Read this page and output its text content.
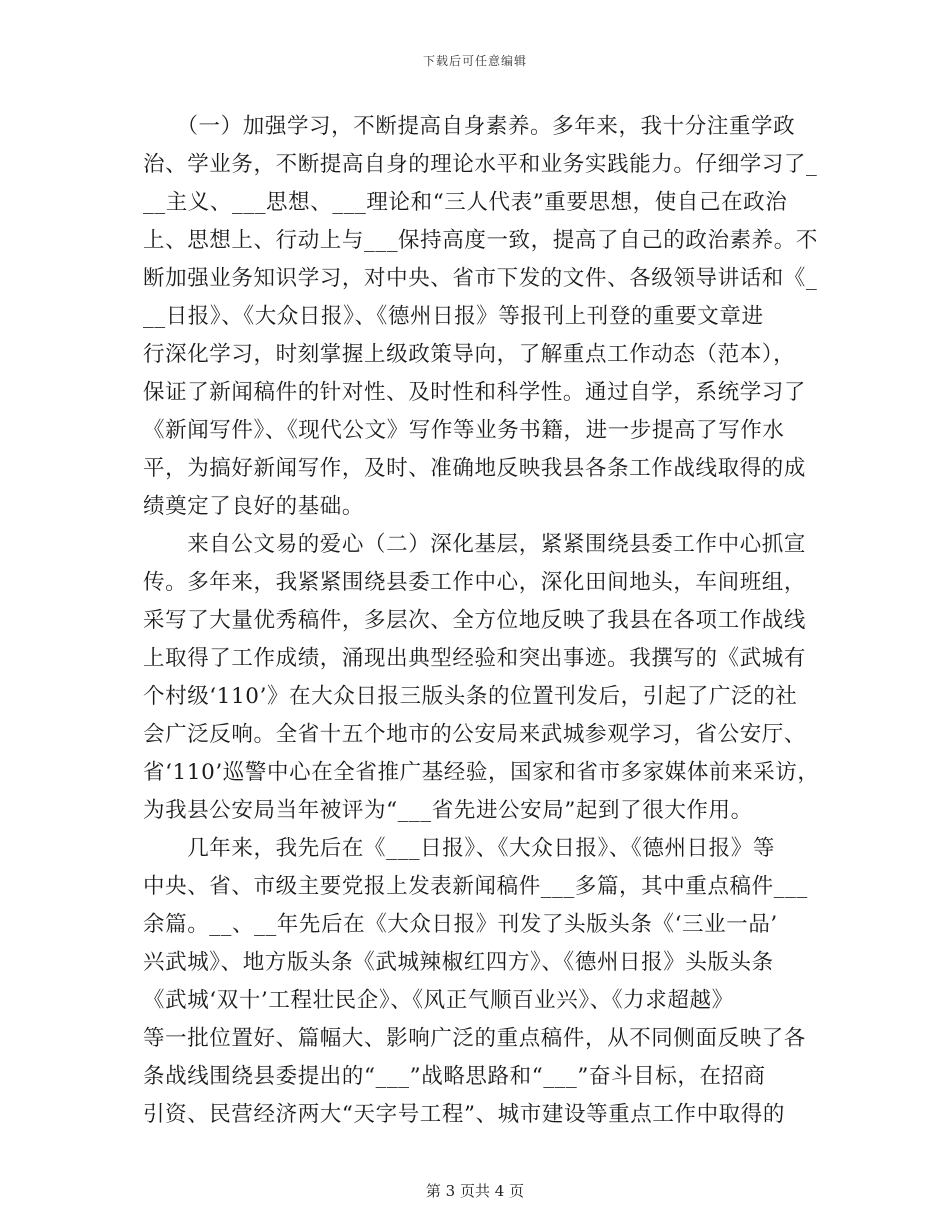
下载后可任意编辑
　　（一）加强学习，不断提高自身素养。多年来，我十分注重学政
治、学业务，不断提高自身的理论水平和业务实践能力。仔细学习了_
__主义、___思想、___理论和“三人代表”重要思想，使自己在政治
上、思想上、行动上与___保持高度一致，提高了自己的政治素养。不
断加强业务知识学习，对中央、省市下发的文件、各级领导讲话和《_
__日报》、《大众日报》、《德州日报》等报刊上刊登的重要文章进
行深化学习，时刻掌握上级政策导向，了解重点工作动态（范本），
保证了新闻稿件的针对性、及时性和科学性。通过自学，系统学习了
《新闻写件》、《现代公文》写作等业务书籍，进一步提高了写作水
平，为搞好新闻写作，及时、准确地反映我县各条工作战线取得的成
绩奠定了良好的基础。
　　来自公文易的爱心（二）深化基层，紧紧围绕县委工作中心抓宣
传。多年来，我紧紧围绕县委工作中心，深化田间地头，车间班组，
采写了大量优秀稿件，多层次、全方位地反映了我县在各项工作战线
上取得了工作成绩，涌现出典型经验和突出事迹。我撰写的《武城有
个村级‘110’》在大众日报三版头条的位置刊发后，引起了广泛的社
会广泛反响。全省十五个地市的公安局来武城参观学习，省公安厅、
省‘110’巡警中心在全省推广基经验，国家和省市多家媒体前来采访，
为我县公安局当年被评为“___省先进公安局”起到了很大作用。
　　几年来，我先后在《___日报》、《大众日报》、《德州日报》等
中央、省、市级主要党报上发表新闻稿件___多篇，其中重点稿件___
余篇。__、__年先后在《大众日报》刊发了头版头条《‘三业一品’
兴武城》、地方版头条《武城辣椒红四方》、《德州日报》头版头条
《武城‘双十’工程壮民企》、《风正气顺百业兴》、《力求超越》
等一批位置好、篇幅大、影响广泛的重点稿件，从不同侧面反映了各
条战线围绕县委提出的“___”战略思路和“___”奋斗目标，在招商
引资、民营经济两大“天字号工程”、城市建设等重点工作中取得的
第 3 页共 4 页
